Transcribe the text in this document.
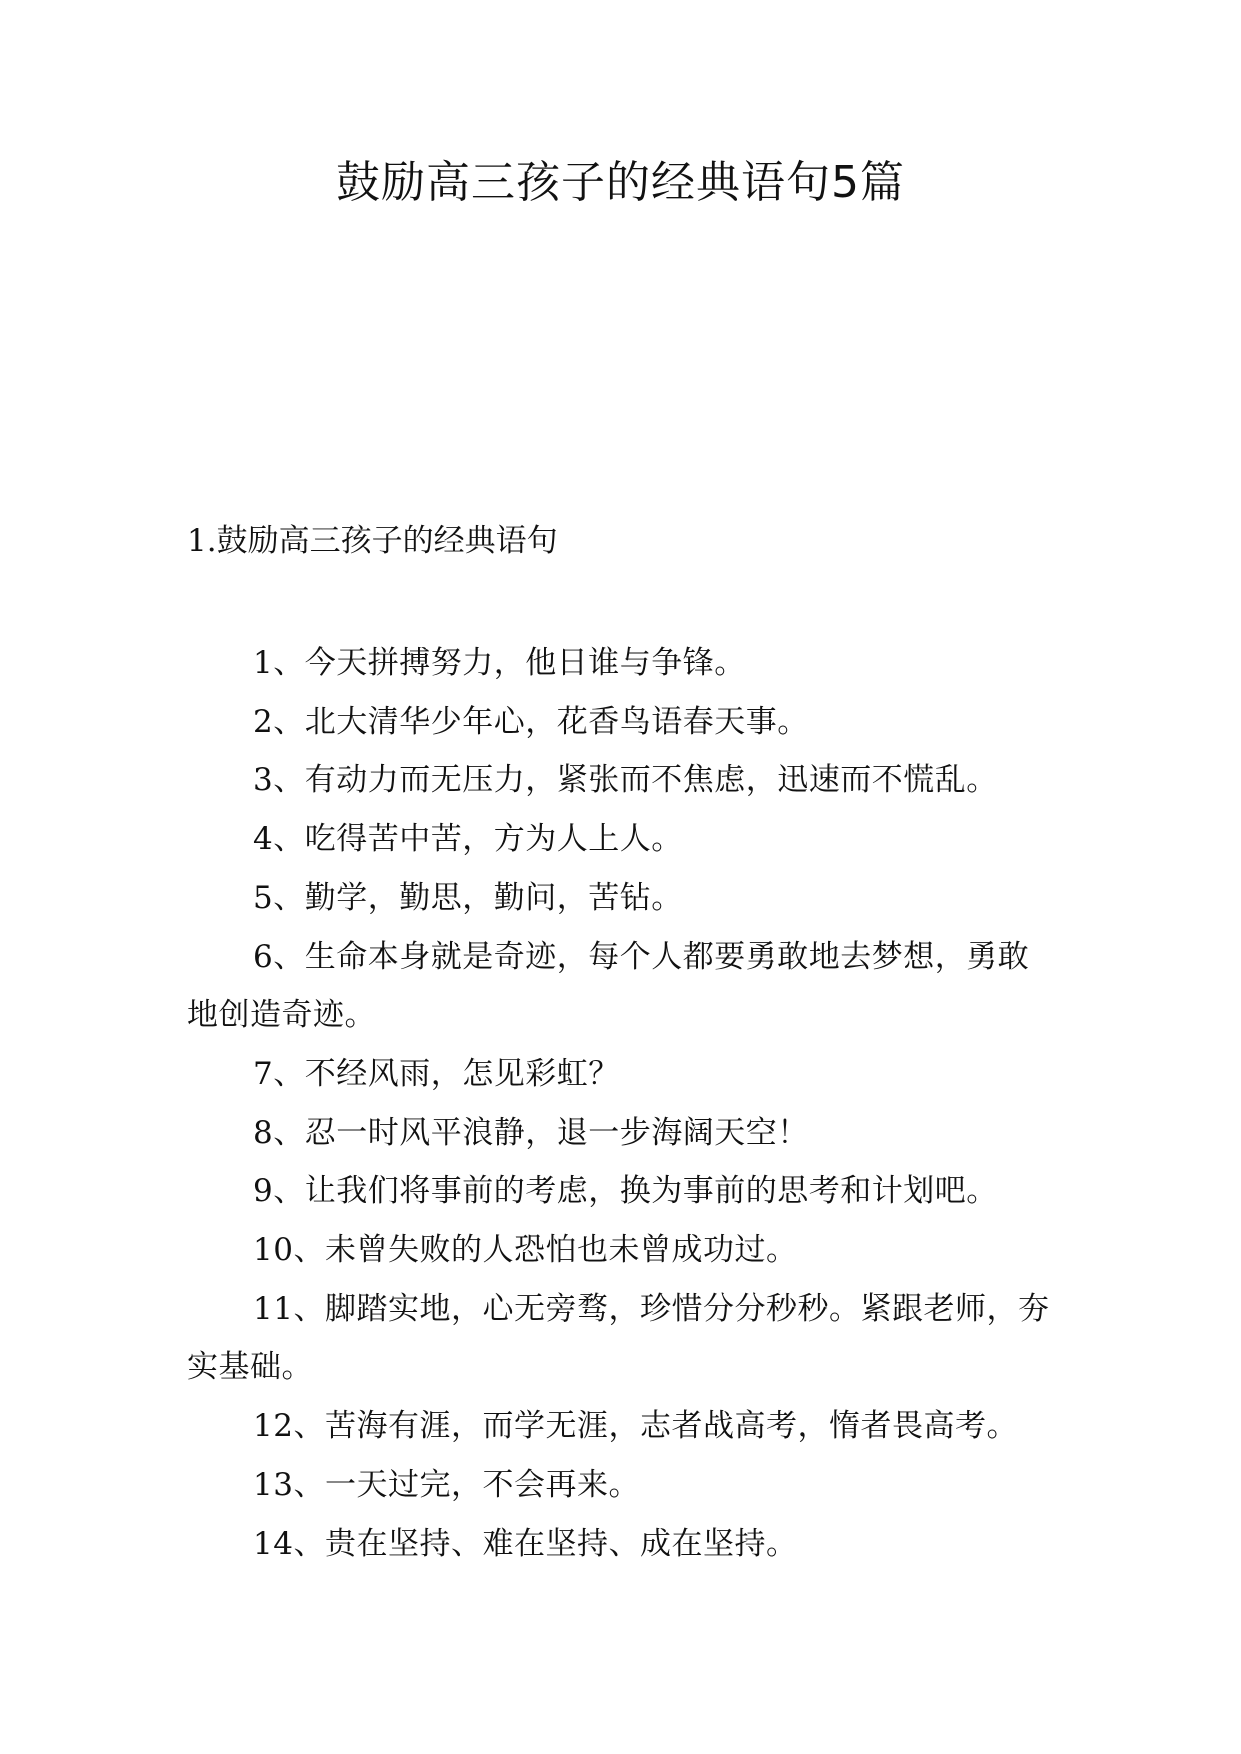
鼓励高三孩子的经典语句5篇
1.鼓励高三孩子的经典语句
1、今天拼搏努力，他日谁与争锋。
2、北大清华少年心，花香鸟语春天事。
3、有动力而无压力，紧张而不焦虑，迅速而不慌乱。
4、吃得苦中苦，方为人上人。
5、勤学，勤思，勤问，苦钻。
6、生命本身就是奇迹，每个人都要勇敢地去梦想，勇敢地创造奇迹。
7、不经风雨，怎见彩虹？
8、忍一时风平浪静，退一步海阔天空！
9、让我们将事前的考虑，换为事前的思考和计划吧。
10、未曾失败的人恐怕也未曾成功过。
11、脚踏实地，心无旁骛，珍惜分分秒秒。紧跟老师，夯实基础。
12、苦海有涯，而学无涯，志者战高考，惰者畏高考。
13、一天过完，不会再来。
14、贵在坚持、难在坚持、成在坚持。
